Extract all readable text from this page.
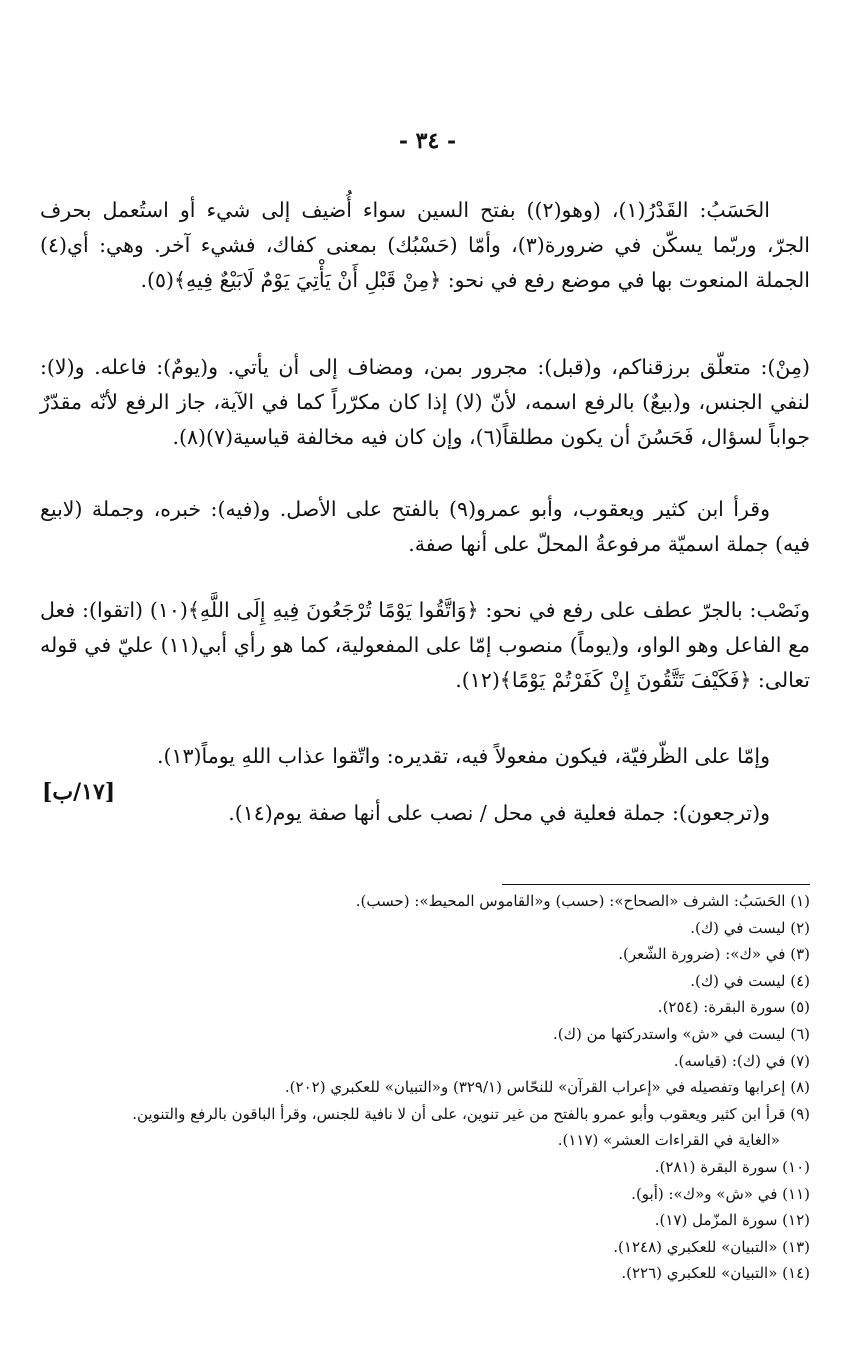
- ٣٤ -

الحَسَبُ: القَدْرُ(١)، (وهو(٢)) بفتح السين سواء أُضيف إلى شيء أو استُعمل بحرف الجرّ، وربّما يسكّن في ضرورة(٣)، وأمّا (حَسْبُك) بمعنى كفاك، فشيء آخر. وهي: أي(٤) الجملة المنعوت بها في موضع رفع في نحو: ﴿مِنْ قَبْلِ أَنْ يَأْتِيَ يَوْمٌ لَابَيْعٌ فِيهِ﴾(٥).

(مِنْ): متعلّق برزقناكم، و(قبل): مجرور بمن، ومضاف إلى أن يأتي. و(يومٌ): فاعله. و(لا): لنفي الجنس، و(بيعٌ) بالرفع اسمه، لأنّ (لا) إذا كان مكرّراً كما في الآية، جاز الرفع لأنّه مقدّرٌ جواباً لسؤال، فَحَسُنَ أن يكون مطلقاً(٦)، وإن كان فيه مخالفة قياسية(٧)(٨).

وقرأ ابن كثير ويعقوب، وأبو عمرو(٩) بالفتح على الأصل. و(فيه): خبره، وجملة (لابيع فيه) جملة اسميّة مرفوعةُ المحلّ على أنها صفة.

ونَصْب: بالجرّ عطف على رفع في نحو: ﴿وَاتَّقُوا يَوْمًا تُرْجَعُونَ فِيهِ إِلَى اللَّهِ﴾(١٠) (اتقوا): فعل مع الفاعل وهو الواو، و(يوماً) منصوب إمّا على المفعولية، كما هو رأي أبي(١١) عليّ في قوله تعالى: ﴿فَكَيْفَ تَتَّقُونَ إِنْ كَفَرْتُمْ يَوْمًا﴾(١٢).

وإمّا على الظّرفيّة، فيكون مفعولاً فيه، تقديره: واتّقوا عذاب اللهِ يوماً(١٣).

و(ترجعون): جملة فعلية في محل / نصب على أنها صفة يوم(١٤).

[١٧/ب]

(١) الحَسَبُ: الشرف «الصحاح»: (حسب) و«القاموس المحيط»: (حسب).

(٢) ليست في (ك).

(٣) في «ك»: (ضرورة الشّعر).

(٤) ليست في (ك).

(٥) سورة البقرة: (٢٥٤).

(٦) ليست في «ش» واستدركتها من (ك).

(٧) في (ك): (قياسه).

(٨) إعرابها وتفصيله في «إعراب القرآن» للنحّاس (٣٢٩/١) و«التبيان» للعكبري (٢٠٢).

(٩) قرأ ابن كثير ويعقوب وأبو عمرو بالفتح من غير تنوين، على أن لا نافية للجنس، وقرأ الباقون بالرفع والتنوين.

«الغاية في القراءات العشر» (١١٧).

(١٠) سورة البقرة (٢٨١).

(١١) في «ش» و«ك»: (أبو).

(١٢) سورة المزّمل (١٧).

(١٣) «التبيان» للعكبري (١٢٤٨).

(١٤) «التبيان» للعكبري (٢٢٦).
